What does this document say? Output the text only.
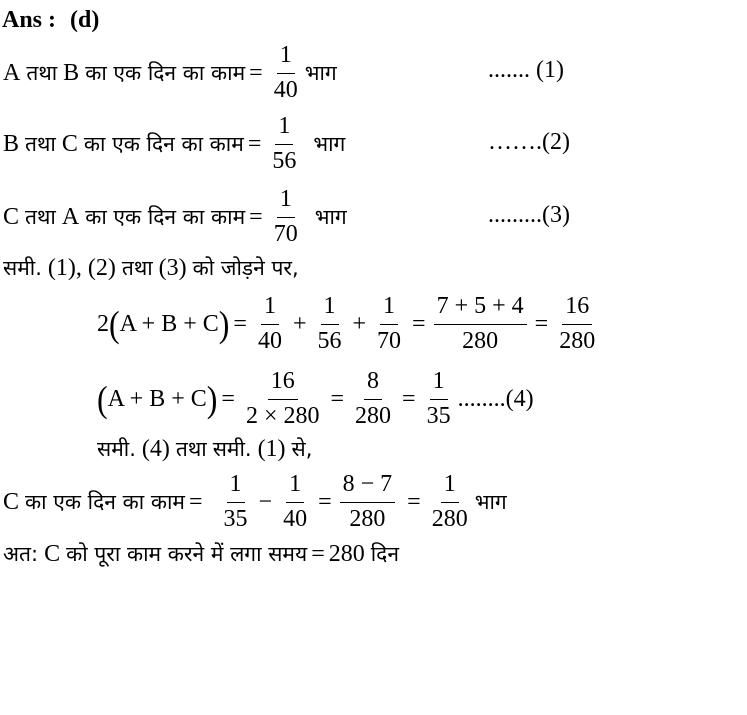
Ans : (d)
A
तथा
B
का एक दिन का काम = $\frac{1}{40}$ भाग	....... (1)
B
तथा
C
का एक दिन का काम = $\frac{1}{56}$ भाग	…….(2)
C
तथा
A
का एक दिन का काम = $\frac{1}{70}$ भाग	.........(3)
समी.
(1),
(2)
तथा
(3)
को जोड़ने पर,
2 ( A + B + C ) = $\frac{1}{40} + \frac{1}{56} + \frac{1}{70} = \frac{7 + 5 + 4}{280} = \frac{16}{280}$
( A + B + C ) = $\frac{16}{2 \times 280} = \frac{8}{280} = \frac{1}{35} ........(4)$
समी.
(4)
तथा
समी.
(1)
से,
C
का एक दिन का काम = $\frac{1}{35} - \frac{1}{40} = \frac{8 - 7}{280} = \frac{1}{280}$ भाग
अत:
C
को पूरा काम करने में लगा समय = 280
दिन
